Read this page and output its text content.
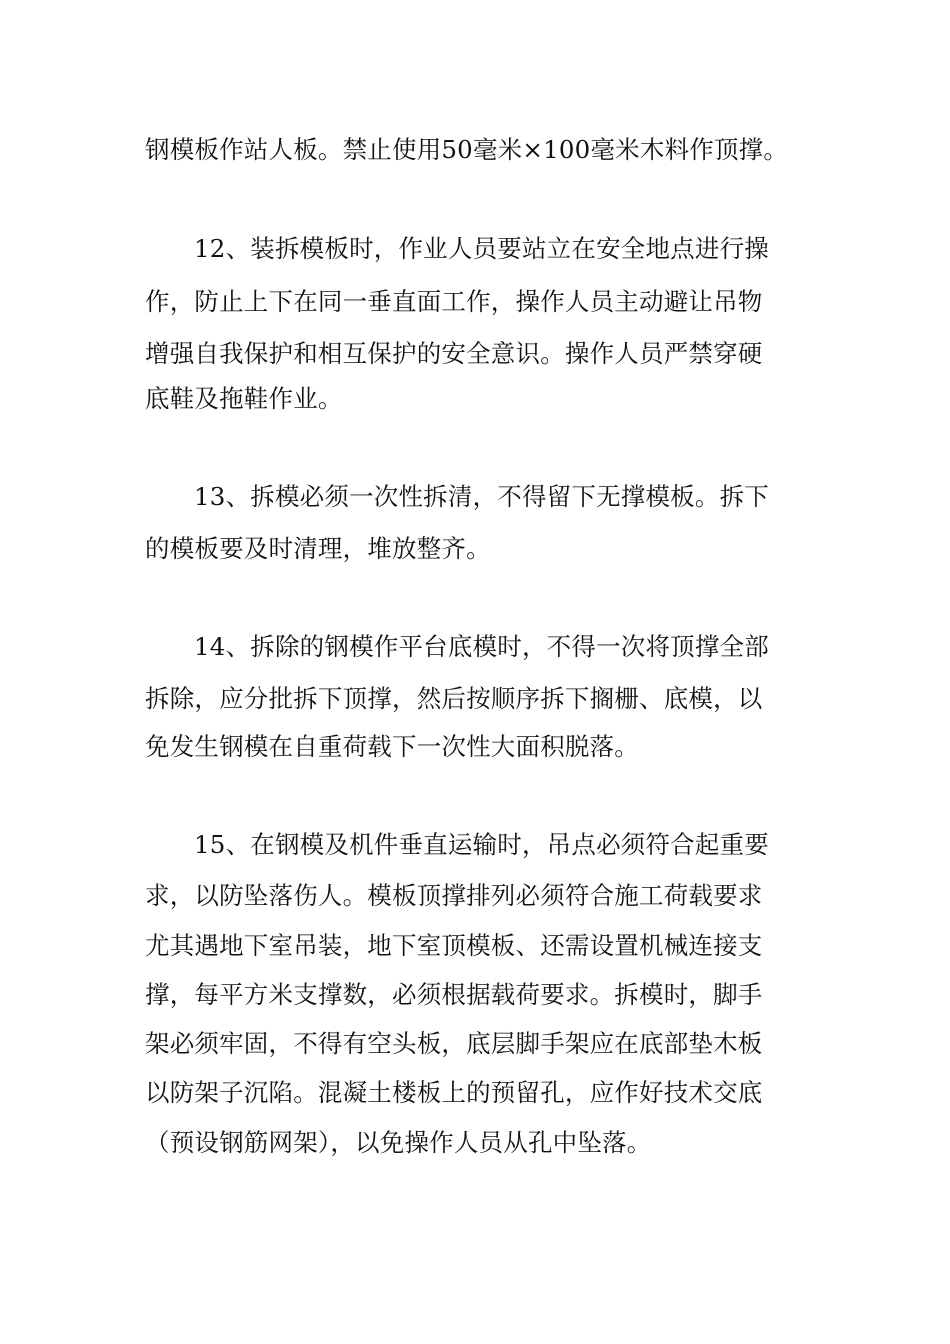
钢模板作站人板。禁止使用50毫米×100毫米木料作顶撑。
12、装拆模板时，作业人员要站立在安全地点进行操
作，防止上下在同一垂直面工作，操作人员主动避让吊物
增强自我保护和相互保护的安全意识。操作人员严禁穿硬
底鞋及拖鞋作业。
13、拆模必须一次性拆清，不得留下无撑模板。拆下
的模板要及时清理，堆放整齐。
14、拆除的钢模作平台底模时，不得一次将顶撑全部
拆除，应分批拆下顶撑，然后按顺序拆下搁栅、底模，以
免发生钢模在自重荷载下一次性大面积脱落。
15、在钢模及机件垂直运输时，吊点必须符合起重要
求，以防坠落伤人。模板顶撑排列必须符合施工荷载要求
尤其遇地下室吊装，地下室顶模板、还需设置机械连接支
撑，每平方米支撑数，必须根据载荷要求。拆模时，脚手
架必须牢固，不得有空头板，底层脚手架应在底部垫木板
以防架子沉陷。混凝土楼板上的预留孔，应作好技术交底
（预设钢筋网架），以免操作人员从孔中坠落。
